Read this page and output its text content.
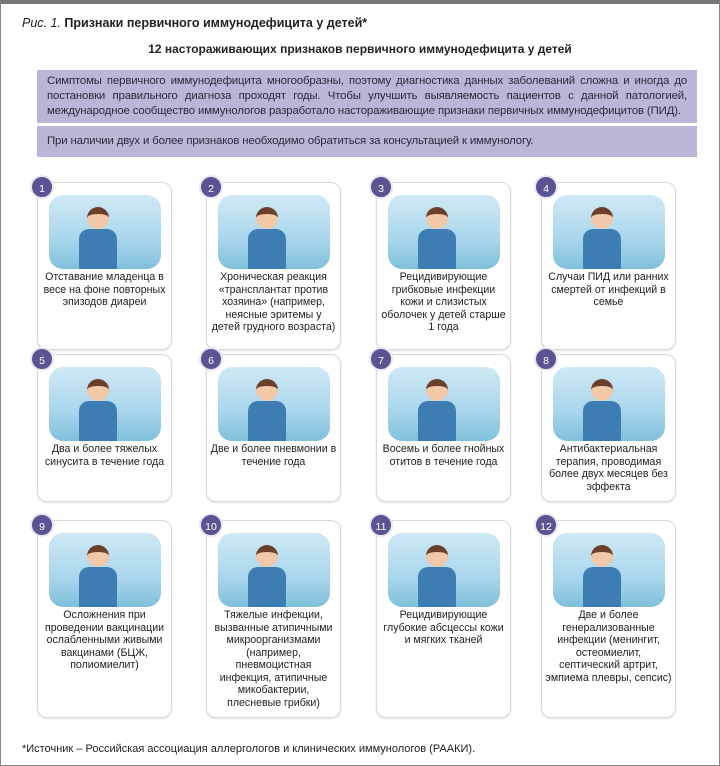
Рис. 1. Признаки первичного иммунодефицита у детей*
12 настораживающих признаков первичного иммунодефицита у детей
Симптомы первичного иммунодефицита многообразны, поэтому диагностика данных заболеваний сложна и иногда до постановки правильного диагноза проходят годы. Чтобы улучшить выявляемость пациентов с данной патологией, международное сообщество иммунологов разработало настораживающие признаки первичных иммунодефицитов (ПИД).
При наличии двух и более признаков необходимо обратиться за консультацией к иммунологу.
1
Отставание младенца в весе на фоне повторных эпизодов диареи
2
Хроническая реакция «трансплантат против хозяина» (например, неясные эритемы у детей грудного возраста)
3
Рецидивирующие грибковые инфекции кожи и слизистых оболочек у детей старше 1 года
4
Случаи ПИД или ранних смертей от инфекций в семье
5
Два и более тяжелых синусита в течение года
6
Две и более пневмонии в течение года
7
Восемь и более гнойных отитов в течение года
8
Антибактериальная терапия, проводимая более двух месяцев без эффекта
9
Осложнения при проведении вакцинации ослабленными живыми вакцинами (БЦЖ, полиомиелит)
10
Тяжелые инфекции, вызванные атипичными микроорганизмами (например, пневмоцистная инфекция, атипичные микобактерии, плесневые грибки)
11
Рецидивирующие глубокие абсцессы кожи и мягких тканей
12
Две и более генерализованные инфекции (менингит, остеомиелит, септический артрит, эмпиема плевры, сепсис)
*Источник – Российская ассоциация аллергологов и клинических иммунологов (РААКИ).
